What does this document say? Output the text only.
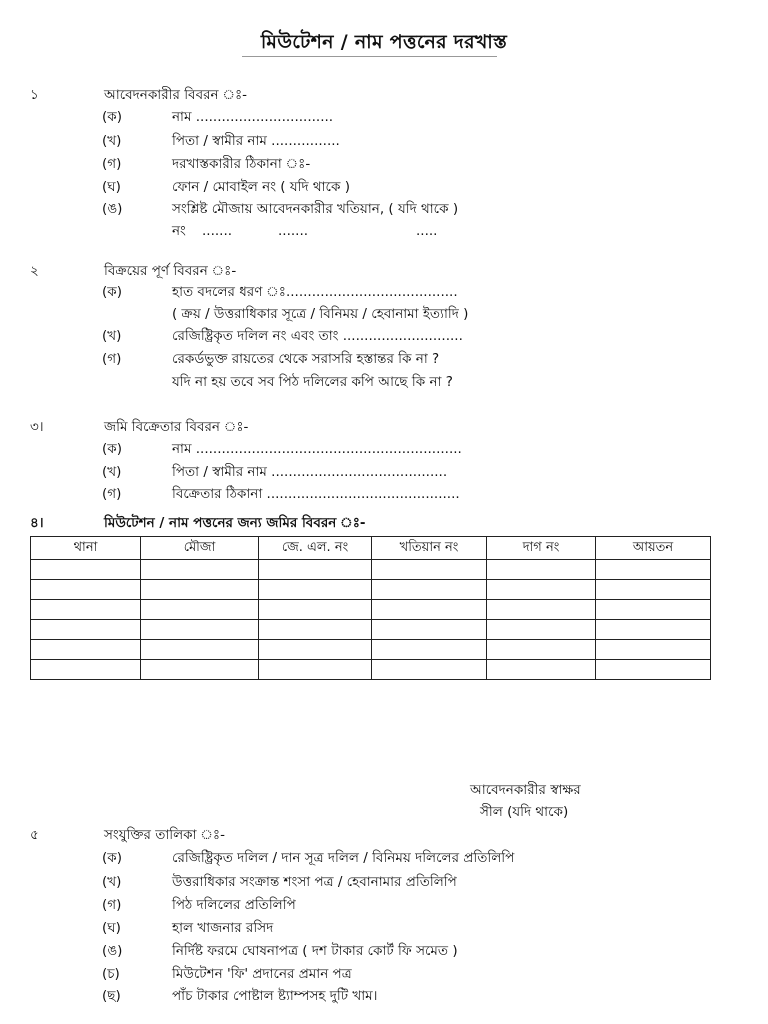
মিউটেশন / নাম পত্তনের দরখাস্ত
১	আবেদনকারীর বিবরন ঃ-
(ক)	নাম ................................
(খ)	পিতা / স্বামীর নাম ................
(গ)	দরখাস্তকারীর ঠিকানা ঃ-
(ঘ)	ফোন / মোবাইল নং ( যদি থাকে )
(ঙ)	সংশ্লিষ্ট মৌজায় আবেদনকারীর খতিয়ান, ( যদি থাকে )
নং .......	.......	.....
২	বিক্রয়ের পূর্ণ বিবরন ঃ-
(ক)	হাত বদলের ধরণ ঃ........................................
( ক্রয় / উত্তরাধিকার সূত্রে / বিনিময় / হেবানামা ইত্যাদি )
(খ)	রেজিষ্ট্রিকৃত দলিল নং এবং তাং ............................
(গ)	রেকর্ডভুক্ত রায়তের থেকে সরাসরি হস্তান্তর কি না ?
যদি না হয় তবে সব পিঠ দলিলের কপি আছে কি না ?
৩।	জমি বিক্রেতার বিবরন ঃ-
(ক)	নাম ..............................................................
(খ)	পিতা / স্বামীর নাম .........................................
(গ)	বিক্রেতার ঠিকানা .............................................
৪।	মিউটেশন / নাম পত্তনের জন্য জমির বিবরন ঃ-
থানা	মৌজা	জে. এল. নং	খতিয়ান নং	দাগ নং	আয়তন

আবেদনকারীর স্বাক্ষর
সীল (যদি থাকে)
৫	সংযুক্তির তালিকা ঃ-
(ক)	রেজিষ্ট্রিকৃত দলিল / দান সূত্র দলিল / বিনিময় দলিলের প্রতিলিপি
(খ)	উত্তরাধিকার সংক্রান্ত শংসা পত্র / হেবানামার প্রতিলিপি
(গ)	পিঠ দলিলের প্রতিলিপি
(ঘ)	হাল খাজনার রসিদ
(ঙ)	নির্দিষ্ট ফরমে ঘোষনাপত্র ( দশ টাকার কোর্ট ফি সমেত )
(চ)	মিউটেশন 'ফি' প্রদানের প্রমান পত্র
(ছ)	পাঁচ টাকার পোষ্টাল ষ্ট্যাম্পসহ দুটি খাম।
